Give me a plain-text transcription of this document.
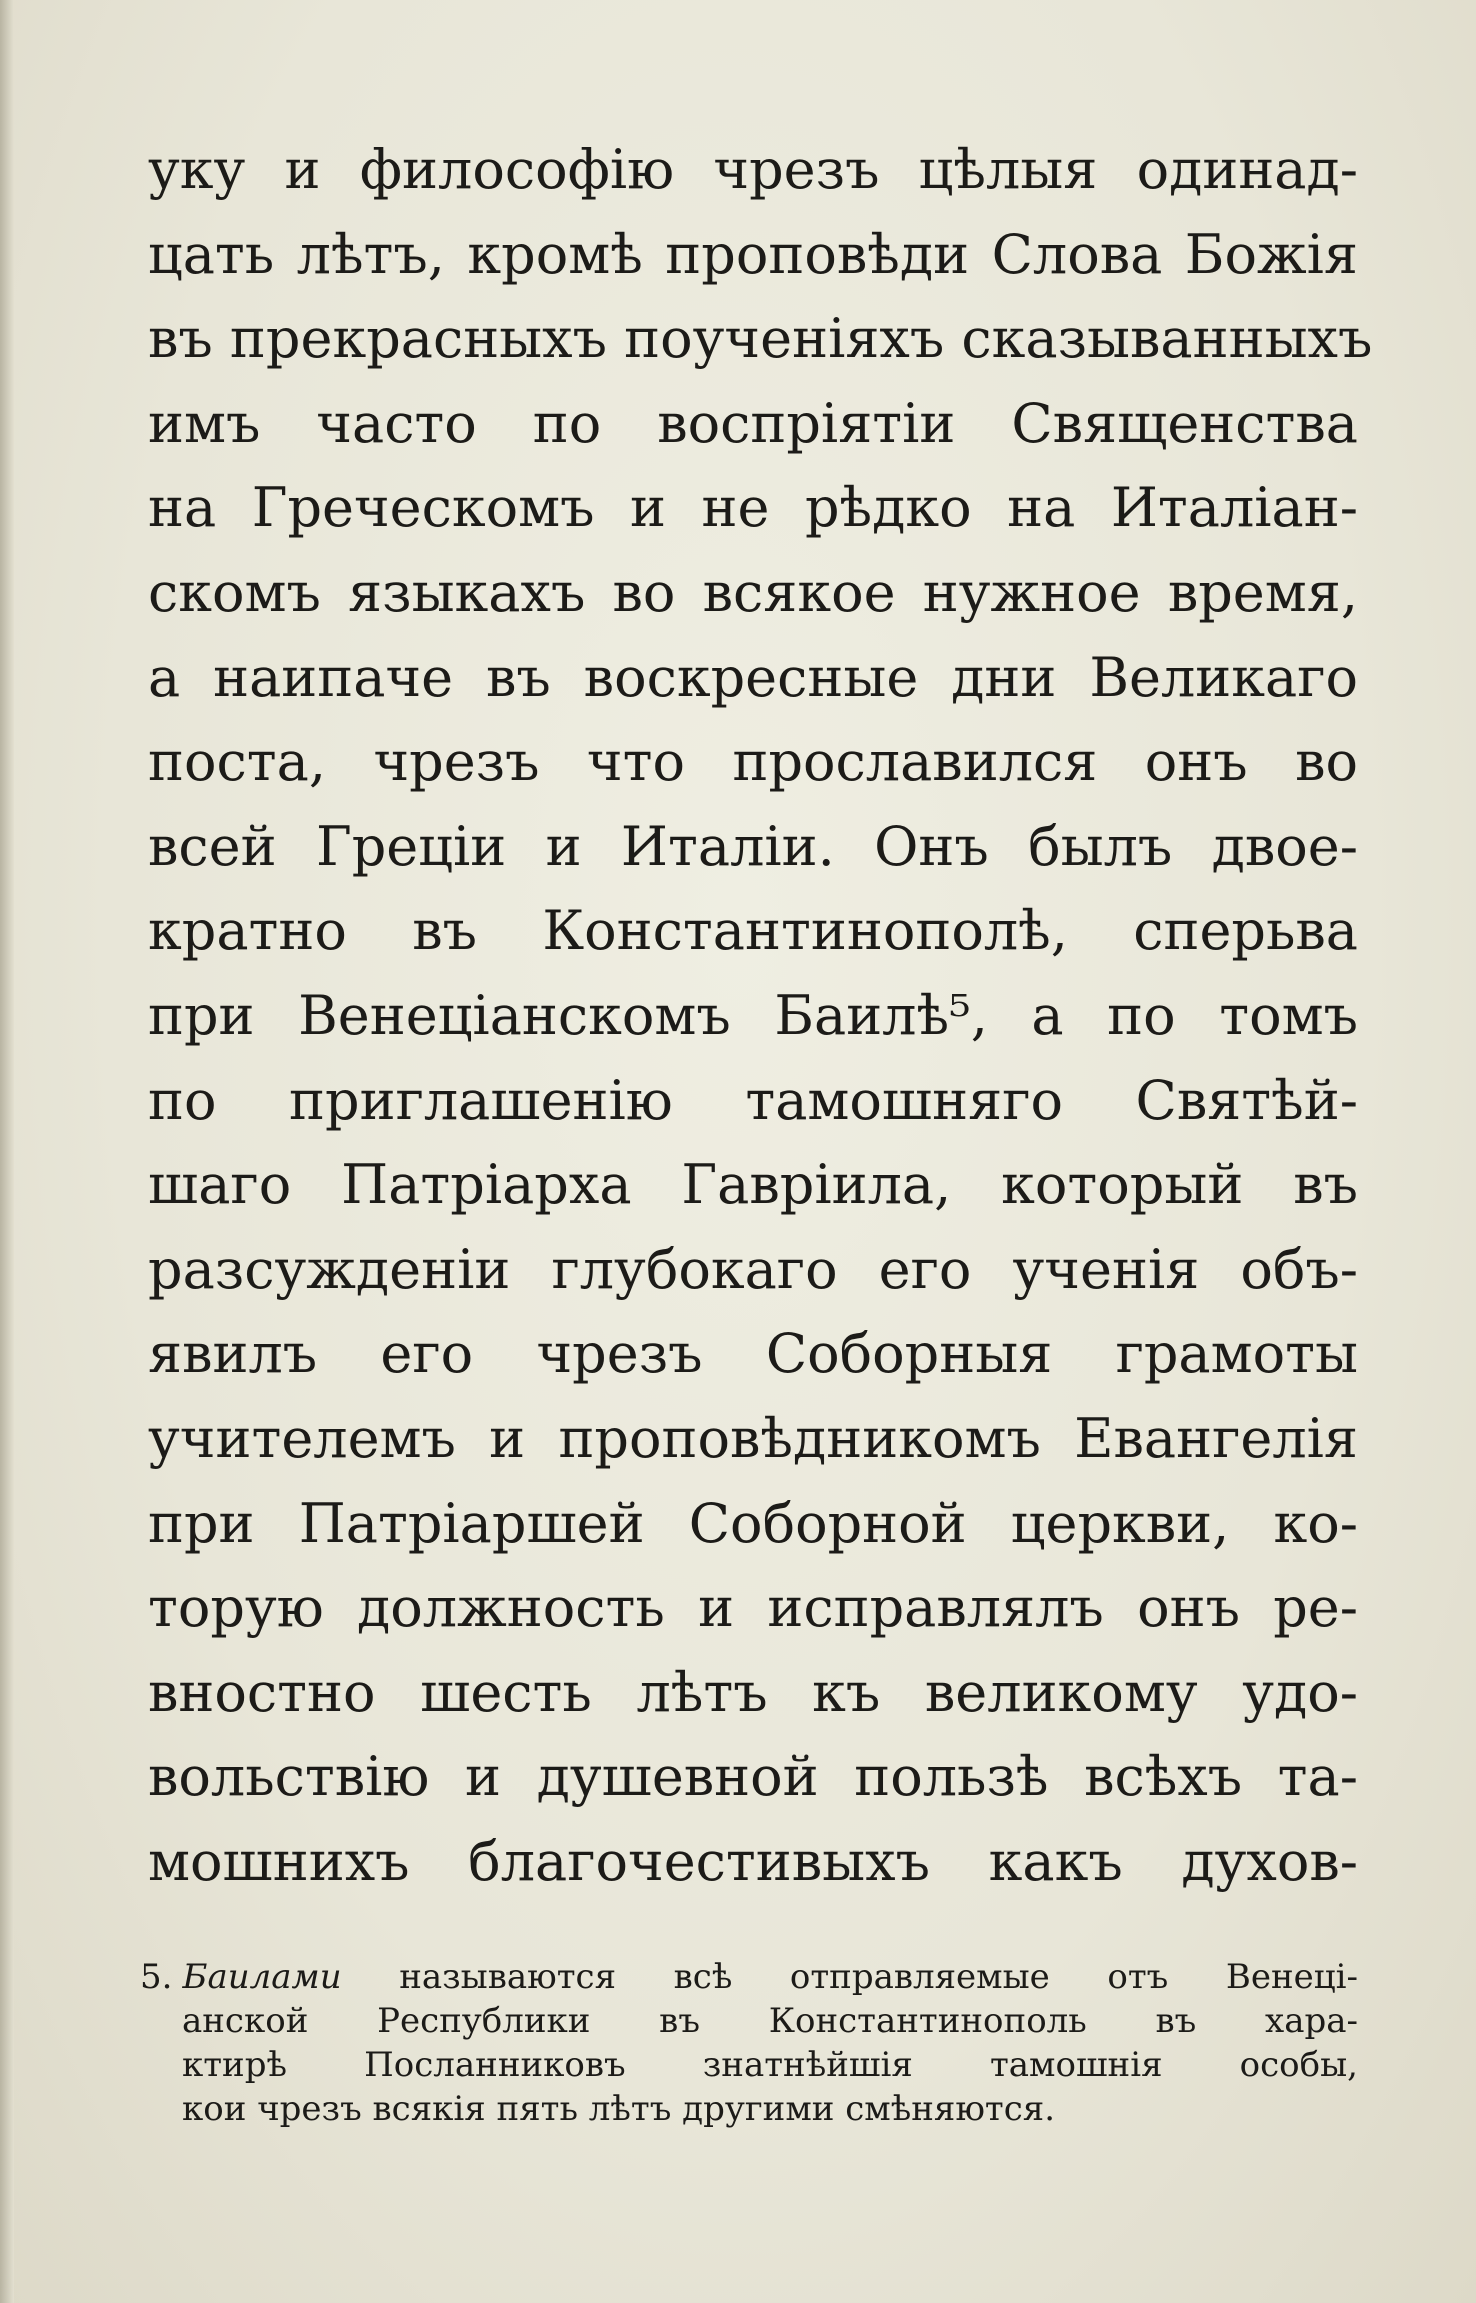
уку и философію чрезъ цѣлыя одинад-
цать лѣтъ, кромѣ проповѣди Слова Божія
въ прекрасныхъ поученіяхъ сказыванныхъ
имъ часто по воспріятіи Священства
на Греческомъ и не рѣдко на Италіан-
скомъ языкахъ во всякое нужное время,
а наипаче въ воскресные дни Великаго
поста, чрезъ что прославился онъ во
всей Греціи и Италіи. Онъ былъ двое-
кратно въ Константинополѣ, сперьва
при Венеціанскомъ Баилѣ⁵, а по томъ
по приглашенію тамошняго Святѣй-
шаго Патріарха Гавріила, который въ
разсужденіи глубокаго его ученія объ-
явилъ его чрезъ Соборныя грамоты
учителемъ и проповѣдникомъ Евангелія
при Патріаршей Соборной церкви, ко-
торую должность и исправлялъ онъ ре-
вностно шесть лѣтъ къ великому удо-
вольствію и душевной пользѣ всѣхъ та-
мошнихъ благочестивыхъ какъ духов-
5. Баилами называются всѣ отправляемые отъ Венеці-
анской Республики въ Константинополь въ хара-
ктирѣ Посланниковъ знатнѣйшія тамошнія особы,
кои чрезъ всякія пять лѣтъ другими смѣняются.
